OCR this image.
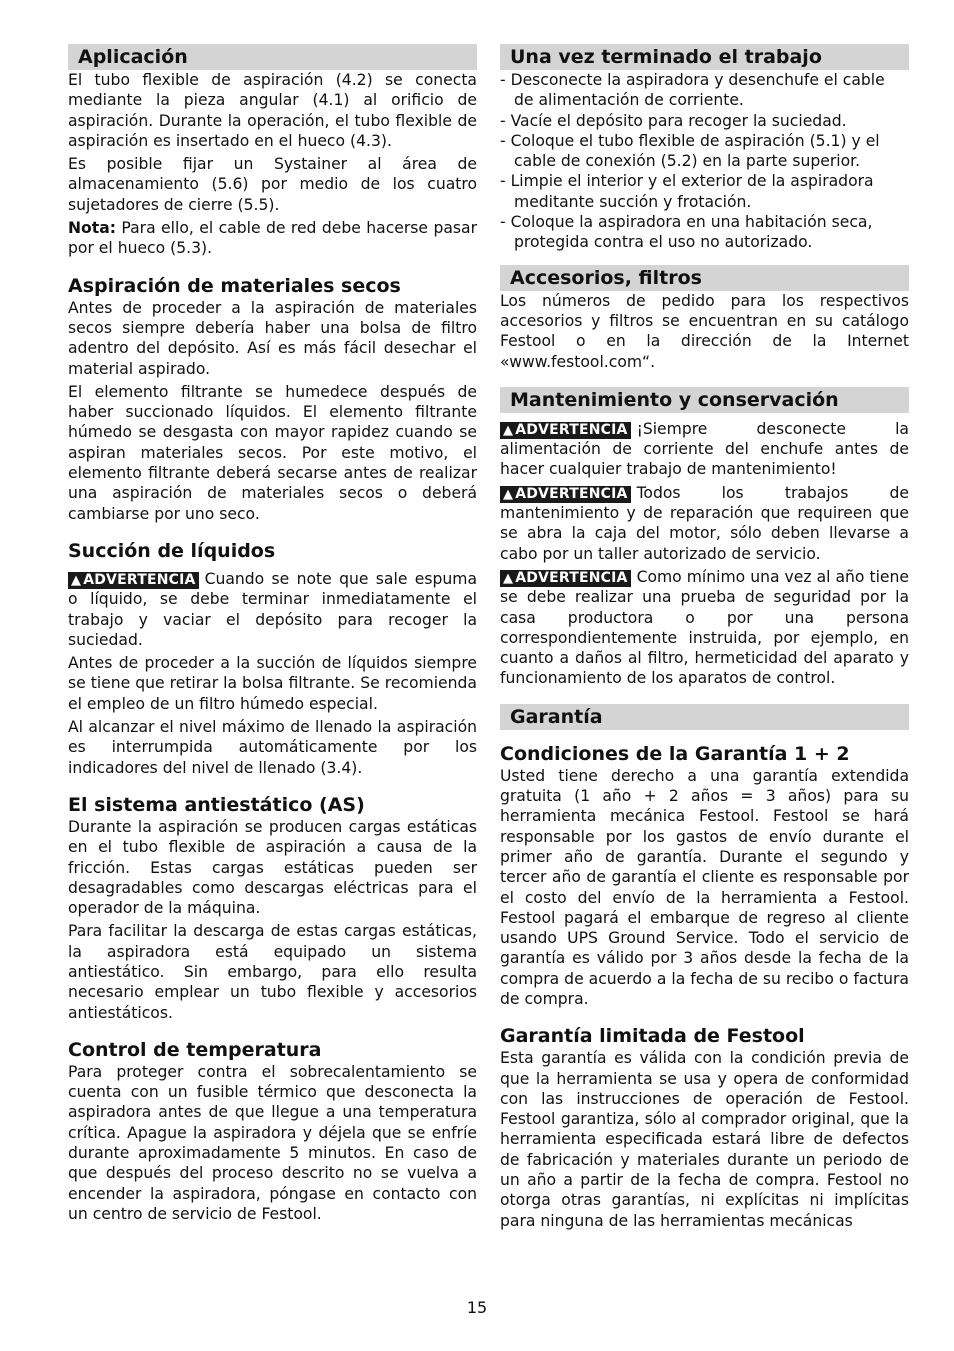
Aplicación

El tubo flexible de aspiración (4.2) se conecta mediante la pieza angular (4.1) al orificio de aspiración. Durante la operación, el tubo flexible de aspiración es insertado en el hueco (4.3).

Es posible fijar un Systainer al área de almacenamiento (5.6) por medio de los cuatro sujetadores de cierre (5.5).

Nota: Para ello, el cable de red debe hacerse pasar por el hueco (5.3).

Aspiración de materiales secos

Antes de proceder a la aspiración de materiales secos siempre debería haber una bolsa de filtro adentro del depósito. Así es más fácil desechar el material aspirado.

El elemento filtrante se humedece después de haber succionado líquidos. El elemento filtrante húmedo se desgasta con mayor rapidez cuando se aspiran materiales secos. Por este motivo, el elemento filtrante deberá secarse antes de realizar una aspiración de materiales secos o deberá cambiarse por uno seco.

Succión de líquidos

▲ ADVERTENCIA Cuando se note que sale espuma o líquido, se debe terminar inmediatamente el trabajo y vaciar el depósito para recoger la suciedad.

Antes de proceder a la succión de líquidos siempre se tiene que retirar la bolsa filtrante. Se recomienda el empleo de un filtro húmedo especial.

Al alcanzar el nivel máximo de llenado la aspiración es interrumpida automáticamente por los indicadores del nivel de llenado (3.4).

El sistema antiestático (AS)

Durante la aspiración se producen cargas estáticas en el tubo flexible de aspiración a causa de la fricción. Estas cargas estáticas pueden ser desagradables como descargas eléctricas para el operador de la máquina.

Para facilitar la descarga de estas cargas estáticas, la aspiradora está equipado un sistema antiestático. Sin embargo, para ello resulta necesario emplear un tubo flexible y accesorios antiestáticos.

Control de temperatura

Para proteger contra el sobrecalentamiento se cuenta con un fusible térmico que desconecta la aspiradora antes de que llegue a una temperatura crítica. Apague la aspiradora y déjela que se enfríe durante aproximadamente 5 minutos. En caso de que después del proceso descrito no se vuelva a encender la aspiradora, póngase en contacto con un centro de servicio de Festool.

Una vez terminado el trabajo
- Desconecte la aspiradora y desenchufe el cable de alimentación de corriente.
- Vacíe el depósito para recoger la suciedad.
- Coloque el tubo flexible de aspiración (5.1) y el cable de conexión (5.2) en la parte superior.
- Limpie el interior y el exterior de la aspiradora meditante succión y frotación.
- Coloque la aspiradora en una habitación seca, protegida contra el uso no autorizado.
Accesorios, filtros

Los números de pedido para los respectivos accesorios y filtros se encuentran en su catálogo Festool o en la dirección de la Internet «www.festool.com“.

Mantenimiento y conservación

▲ ADVERTENCIA ¡Siempre desconecte la alimentación de corriente del enchufe antes de hacer cualquier trabajo de mantenimiento!

▲ ADVERTENCIA Todos los trabajos de mantenimiento y de reparación que requireen que se abra la caja del motor, sólo deben llevarse a cabo por un taller autorizado de servicio.

▲ ADVERTENCIA Como mínimo una vez al año tiene se debe realizar una prueba de seguridad por la casa productora o por una persona correspondientemente instruida, por ejemplo, en cuanto a daños al filtro, hermeticidad del aparato y funcionamiento de los aparatos de control.

Garantía
Condiciones de la Garantía 1 + 2

Usted tiene derecho a una garantía extendida gratuita (1 año + 2 años = 3 años) para su herramienta mecánica Festool. Festool se hará responsable por los gastos de envío durante el primer año de garantía. Durante el segundo y tercer año de garantía el cliente es responsable por el costo del envío de la herramienta a Festool. Festool pagará el embarque de regreso al cliente usando UPS Ground Service. Todo el servicio de garantía es válido por 3 años desde la fecha de la compra de acuerdo a la fecha de su recibo o factura de compra.

Garantía limitada de Festool

Esta garantía es válida con la condición previa de que la herramienta se usa y opera de conformidad con las instrucciones de operación de Festool. Festool garantiza, sólo al comprador original, que la herramienta especificada estará libre de defectos de fabricación y materiales durante un periodo de un año a partir de la fecha de compra. Festool no otorga otras garantías, ni explícitas ni implícitas para ninguna de las herramientas mecánicas

15
